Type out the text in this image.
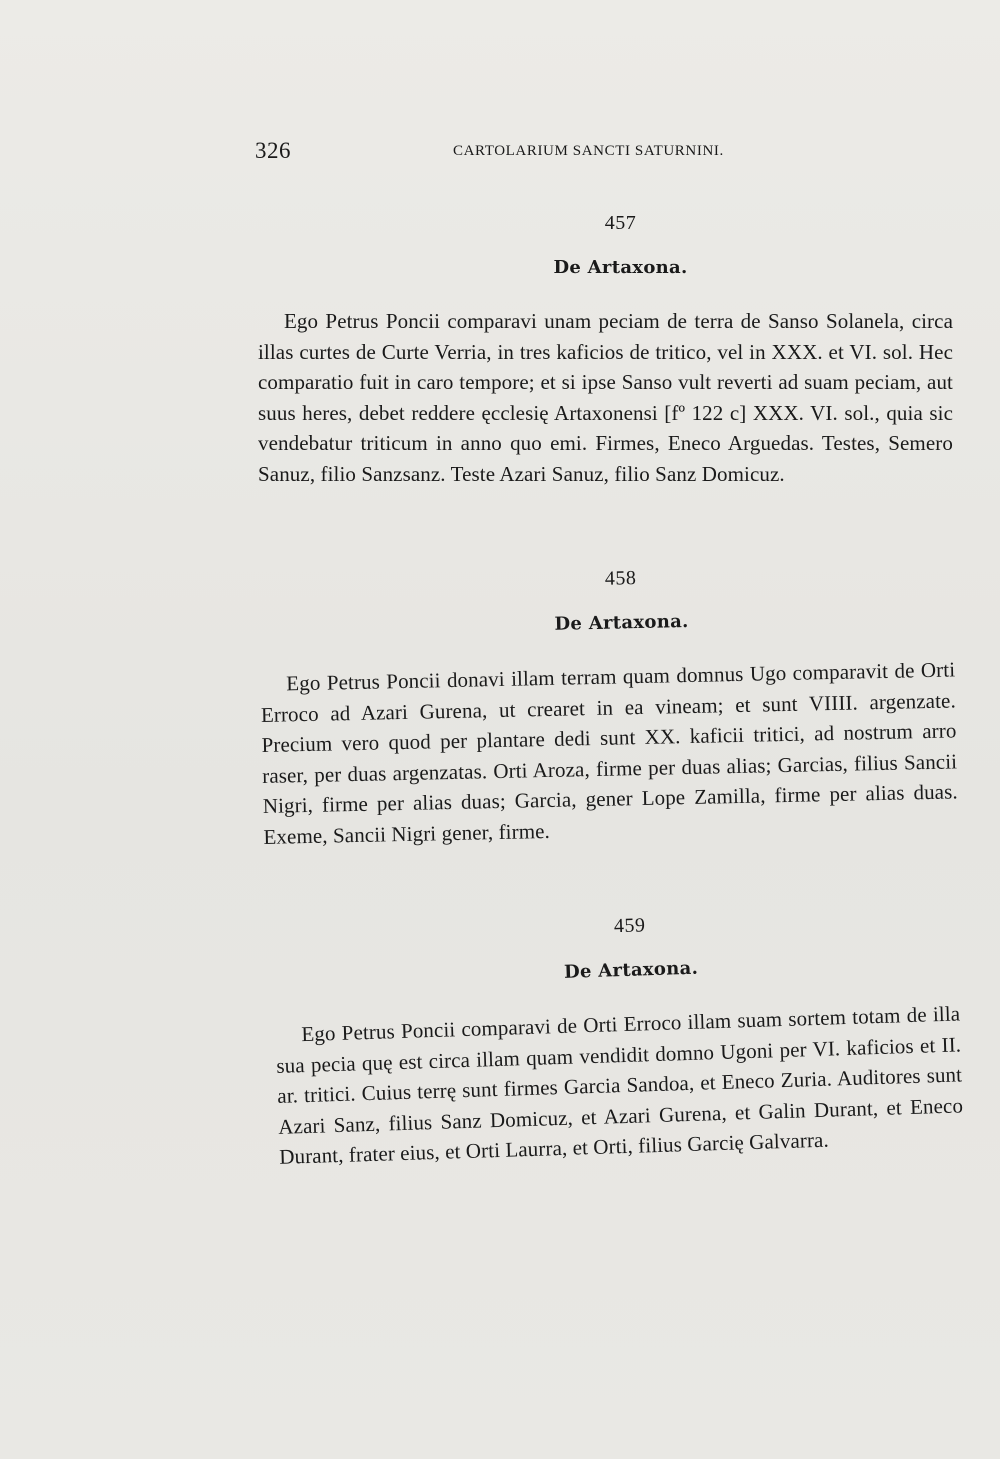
326	CARTOLARIUM SANCTI SATURNINI.
457
De Artaxona.

Ego Petrus Poncii comparavi unam peciam de terra de Sanso Solanela, circa illas curtes de Curte Verria, in tres kaficios de tritico, vel in XXX. et VI. sol. Hec comparatio fuit in caro tempore; et si ipse Sanso vult reverti ad suam peciam, aut suus heres, debet reddere ęcclesię Artaxonensi [fº 122 c] XXX. VI. sol., quia sic vendebatur triticum in anno quo emi. Firmes, Eneco Arguedas. Testes, Semero Sanuz, filio Sanzsanz. Teste Azari Sanuz, filio Sanz Domicuz.

458
De Artaxona.

Ego Petrus Poncii donavi illam terram quam domnus Ugo comparavit de Orti Erroco ad Azari Gurena, ut crearet in ea vineam; et sunt VIIII. argenzate. Precium vero quod per plantare dedi sunt XX. kaficii tritici, ad nostrum arro raser, per duas argenzatas. Orti Aroza, firme per duas alias; Garcias, filius Sancii Nigri, firme per alias duas; Garcia, gener Lope Zamilla, firme per alias duas. Exeme, Sancii Nigri gener, firme.

459
De Artaxona.

Ego Petrus Poncii comparavi de Orti Erroco illam suam sortem totam de illa sua pecia quę est circa illam quam vendidit domno Ugoni per VI. kaficios et II. ar. tritici. Cuius terrę sunt firmes Garcia Sandoa, et Eneco Zuria. Auditores sunt Azari Sanz, filius Sanz Domicuz, et Azari Gurena, et Galin Durant, et Eneco Durant, frater eius, et Orti Laurra, et Orti, filius Garcię Galvarra.
